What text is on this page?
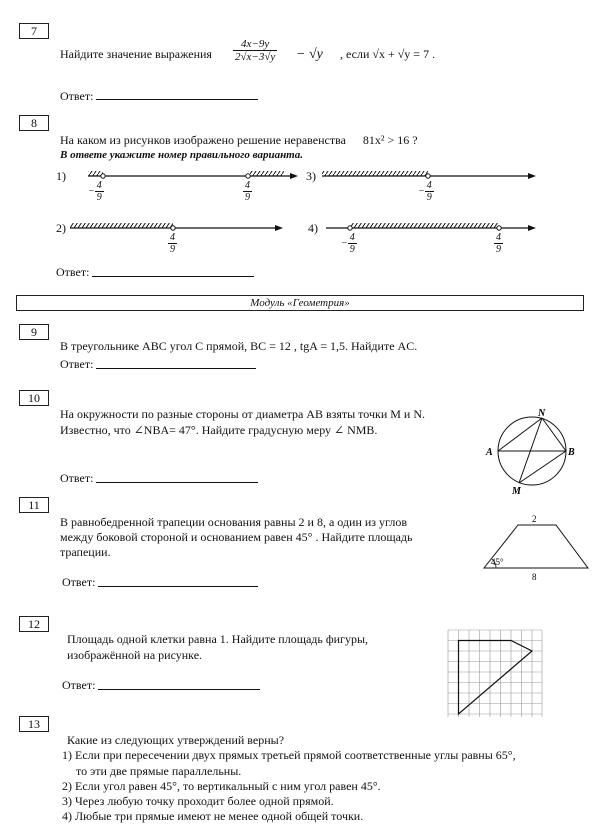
7
Найдите значение выражения $\frac{4x-9y}{2√x-3√y} - √y$ , если √x + √y = 7 .
Ответ:
8
На каком из рисунков изображено решение неравенства 81x² > 16 ?
В ответе укажите номер правильного варианта.
1)	3)
2)	4)
− $\frac{4}{9}$	$\frac{4}{9}$	− $\frac{4}{9}$
$\frac{4}{9}$	− $\frac{4}{9}$	$\frac{4}{9}$
Ответ:
Модуль «Геометрия»
9
В треугольнике ABC угол С прямой, BC = 12 , tgA = 1,5. Найдите AC.
Ответ:
10
На окружности по разные стороны от диаметра AB взяты точки M и N.
Известно, что ∠NBA= 47°. Найдите градусную меру ∠ NMB.
Ответ:
N
A	B
M
11
В равнобедренной трапеции основания равны 2 и 8, а один из углов
между боковой стороной и основанием равен 45° . Найдите площадь
трапеции.
Ответ:
2
8
45°
12
Площадь одной клетки равна 1. Найдите площадь фигуры,
изображённой на рисунке.
Ответ:
13
Какие из следующих утверждений верны?
1) Если при пересечении двух прямых третьей прямой соответственные углы равны 65°,
то эти две прямые параллельны.
2) Если угол равен 45°, то вертикальный с ним угол равен 45°.
3) Через любую точку проходит более одной прямой.
4) Любые три прямые имеют не менее одной общей точки.
